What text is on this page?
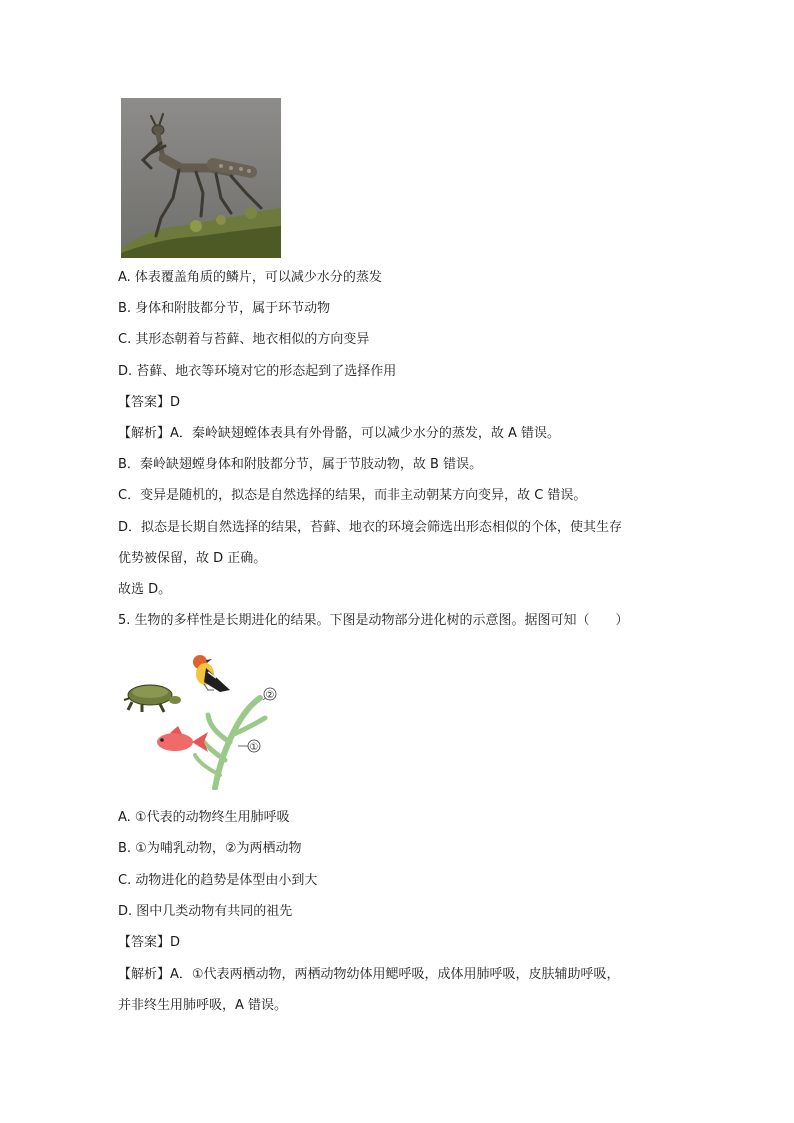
A. 体表覆盖角质的鳞片，可以减少水分的蒸发
B. 身体和附肢都分节，属于环节动物
C. 其形态朝着与苔藓、地衣相似的方向变异
D. 苔藓、地衣等环境对它的形态起到了选择作用
【答案】D
【解析】A．秦岭缺翅螳体表具有外骨骼，可以减少水分的蒸发，故 A 错误。
B．秦岭缺翅螳身体和附肢都分节，属于节肢动物，故 B 错误。
C．变异是随机的，拟态是自然选择的结果，而非主动朝某方向变异，故 C 错误。
D．拟态是长期自然选择的结果，苔藓、地衣的环境会筛选出形态相似的个体，使其生存
优势被保留，故 D 正确。
故选 D。
5. 生物的多样性是长期进化的结果。下图是动物部分进化树的示意图。据图可知（　　）
②
①
A. ①代表的动物终生用肺呼吸
B. ①为哺乳动物，②为两栖动物
C. 动物进化的趋势是体型由小到大
D. 图中几类动物有共同的祖先
【答案】D
【解析】A．①代表两栖动物，两栖动物幼体用鳃呼吸，成体用肺呼吸，皮肤辅助呼吸，
并非终生用肺呼吸，A 错误。
